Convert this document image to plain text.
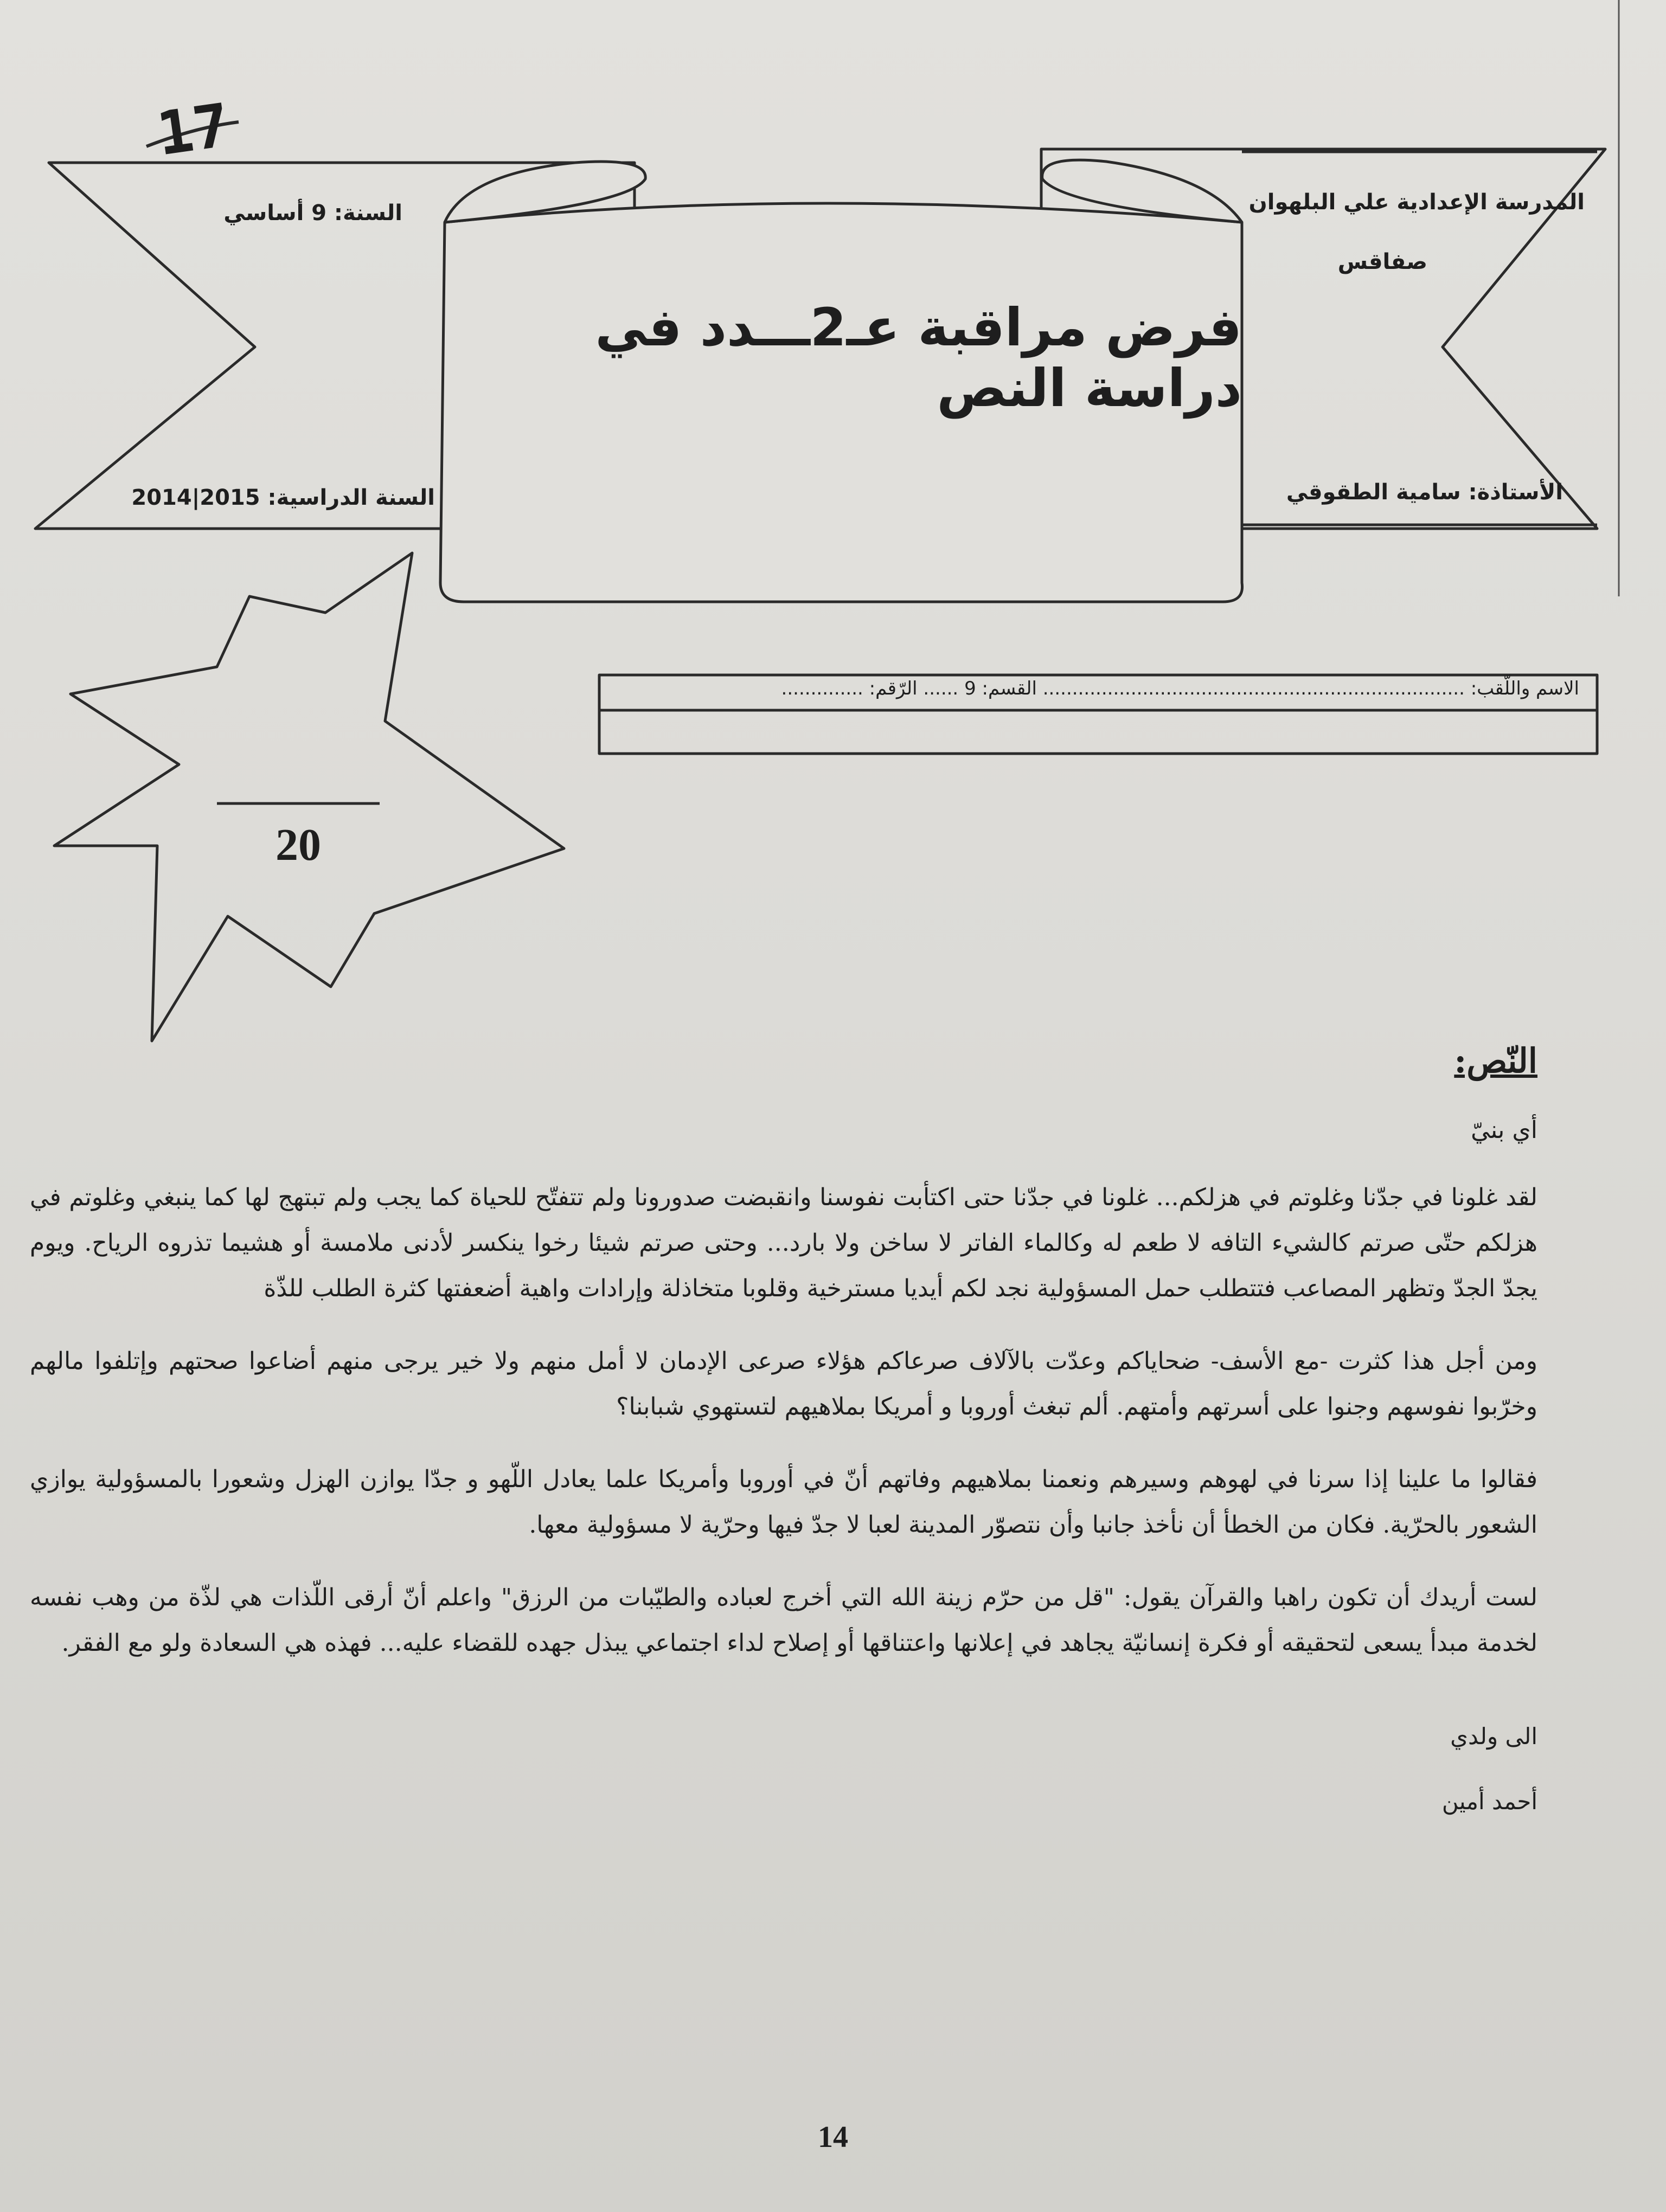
17
المدرسة الإعدادية علي البلهوان
صفاقس
الأستاذة: سامية الطقوقي
السنة: 9 أساسي
السنة الدراسية: 2015|2014
فرض مراقبة عـ2ـــدد في دراسة النص
الاسم واللّقب: ........................................................................ القسم: 9 ...... الرّقم: ..............
20
النّص:
أي بنيّ

لقد غلونا في جدّنا وغلوتم في هزلكم... غلونا في جدّنا حتى اكتأبت نفوسنا وانقبضت صدورونا ولم تتفتّح للحياة كما يجب ولم تبتهج لها كما ينبغي وغلوتم في هزلكم حتّى صرتم كالشيء التافه لا طعم له وكالماء الفاتر لا ساخن ولا بارد... وحتى صرتم شيئا رخوا ينكسر لأدنى ملامسة أو هشيما تذروه الرياح. ويوم يجدّ الجدّ وتظهر المصاعب فتتطلب حمل المسؤولية نجد لكم أيديا مسترخية وقلوبا متخاذلة وإرادات واهية أضعفتها كثرة الطلب للذّة

ومن أجل هذا كثرت -مع الأسف- ضحاياكم وعدّت بالآلاف صرعاكم هؤلاء صرعى الإدمان لا أمل منهم ولا خير يرجى منهم أضاعوا صحتهم وإتلفوا مالهم وخرّبوا نفوسهم وجنوا على أسرتهم وأمتهم. ألم تبغث أوروبا و أمريكا بملاهيهم لتستهوي شبابنا؟

فقالوا ما علينا إذا سرنا في لهوهم وسيرهم ونعمنا بملاهيهم وفاتهم أنّ في أوروبا وأمريكا علما يعادل اللّهو و جدّا يوازن الهزل وشعورا بالمسؤولية يوازي الشعور بالحرّية. فكان من الخطأ أن نأخذ جانبا وأن نتصوّر المدينة لعبا لا جدّ فيها وحرّية لا مسؤولية معها.

لست أريدك أن تكون راهبا والقرآن يقول: "قل من حرّم زينة الله التي أخرج لعباده والطيّبات من الرزق" واعلم أنّ أرقى اللّذات هي لذّة من وهب نفسه لخدمة مبدأ يسعى لتحقيقه أو فكرة إنسانيّة يجاهد في إعلانها واعتناقها أو إصلاح لداء اجتماعي يبذل جهده للقضاء عليه... فهذه هي السعادة ولو مع الفقر.

الى ولدي
أحمد أمين
14
